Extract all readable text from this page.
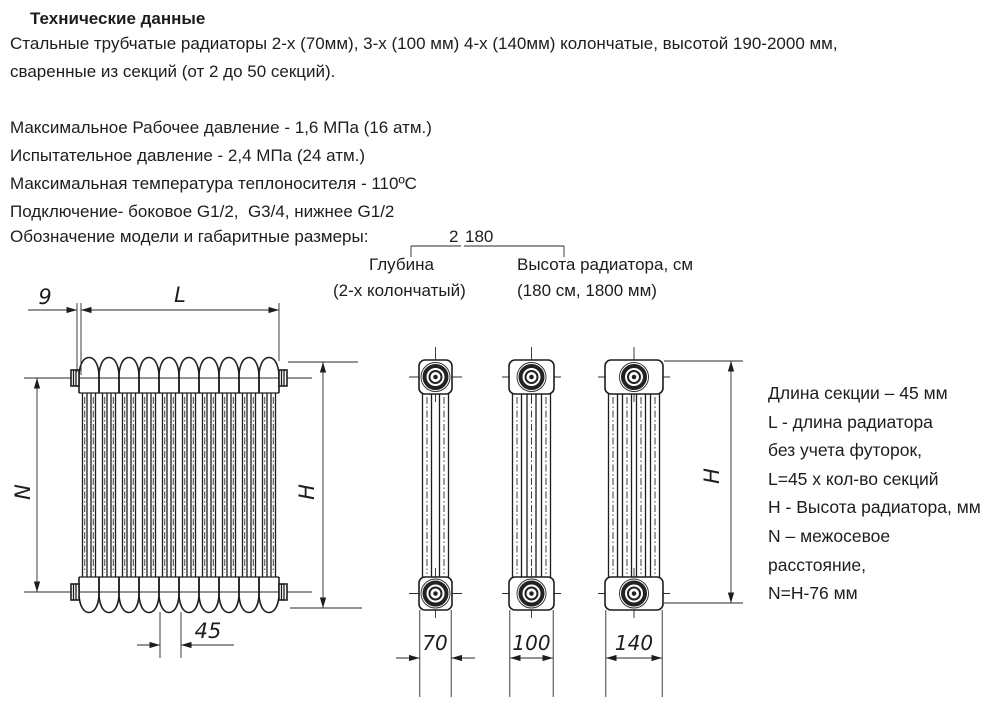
Технические данные
Стальные трубчатые радиаторы 2-х (70мм), 3-х (100 мм) 4-х (140мм) колончатые, высотой 190-2000 мм,
сваренные из секций (от 2 до 50 секций).
Максимальное Рабочее давление - 1,6 МПа (16 атм.)
Испытательное давление - 2,4 МПа (24 атм.)
Максимальная температура теплоносителя - 110ºС
Подключение- боковое G1/2,  G3/4, нижнее G1/2
Обозначение модели и габаритные размеры:	2 180
Глубина
(2-х колончатый)
Высота радиатора, см
(180 см, 1800 мм)
Длина секции – 45 мм
L - длина радиатора
без учета футорок,
L=45 х кол-во секций
H - Высота радиатора, мм
N – межосевое
расстояние,
N=H-76 мм
9	L
N	H
45	70	100	140
H
